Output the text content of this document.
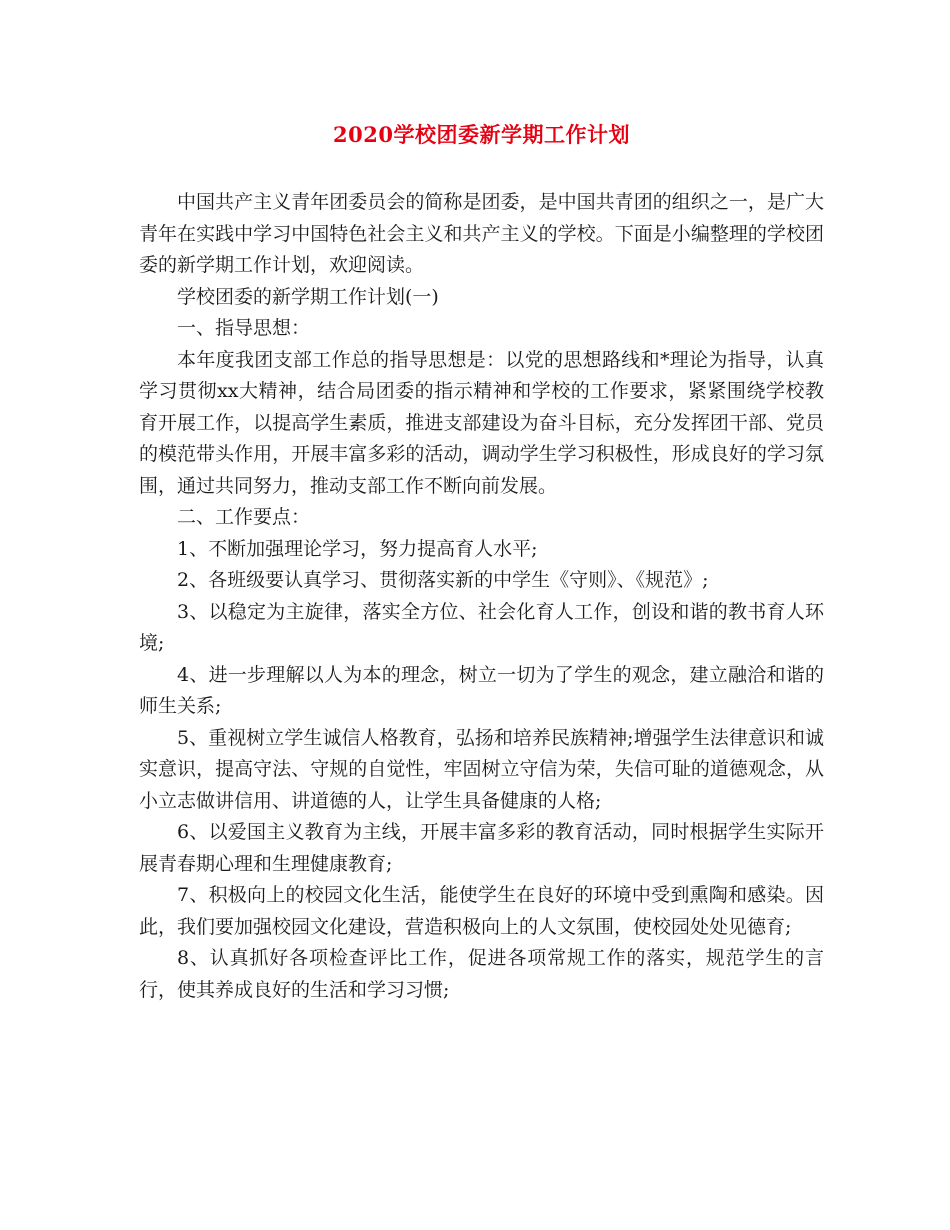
2020学校团委新学期工作计划

中国共产主义青年团委员会的简称是团委，是中国共青团的组织之一，是广大青年在实践中学习中国特色社会主义和共产主义的学校。下面是小编整理的学校团委的新学期工作计划，欢迎阅读。

学校团委的新学期工作计划(一)

一、指导思想：

本年度我团支部工作总的指导思想是：以党的思想路线和*理论为指导，认真学习贯彻xx大精神，结合局团委的指示精神和学校的工作要求，紧紧围绕学校教育开展工作，以提高学生素质，推进支部建设为奋斗目标，充分发挥团干部、党员的模范带头作用，开展丰富多彩的活动，调动学生学习积极性，形成良好的学习氛围，通过共同努力，推动支部工作不断向前发展。

二、工作要点：

1、不断加强理论学习，努力提高育人水平;

2、各班级要认真学习、贯彻落实新的中学生《守则》、《规范》;

3、以稳定为主旋律，落实全方位、社会化育人工作，创设和谐的教书育人环境;

4、进一步理解以人为本的理念，树立一切为了学生的观念，建立融洽和谐的师生关系;

5、重视树立学生诚信人格教育，弘扬和培养民族精神;增强学生法律意识和诚实意识，提高守法、守规的自觉性，牢固树立守信为荣，失信可耻的道德观念，从小立志做讲信用、讲道德的人，让学生具备健康的人格;

6、以爱国主义教育为主线，开展丰富多彩的教育活动，同时根据学生实际开展青春期心理和生理健康教育;

7、积极向上的校园文化生活，能使学生在良好的环境中受到熏陶和感染。因此，我们要加强校园文化建设，营造积极向上的人文氛围，使校园处处见德育;

8、认真抓好各项检查评比工作，促进各项常规工作的落实，规范学生的言行，使其养成良好的生活和学习习惯;
